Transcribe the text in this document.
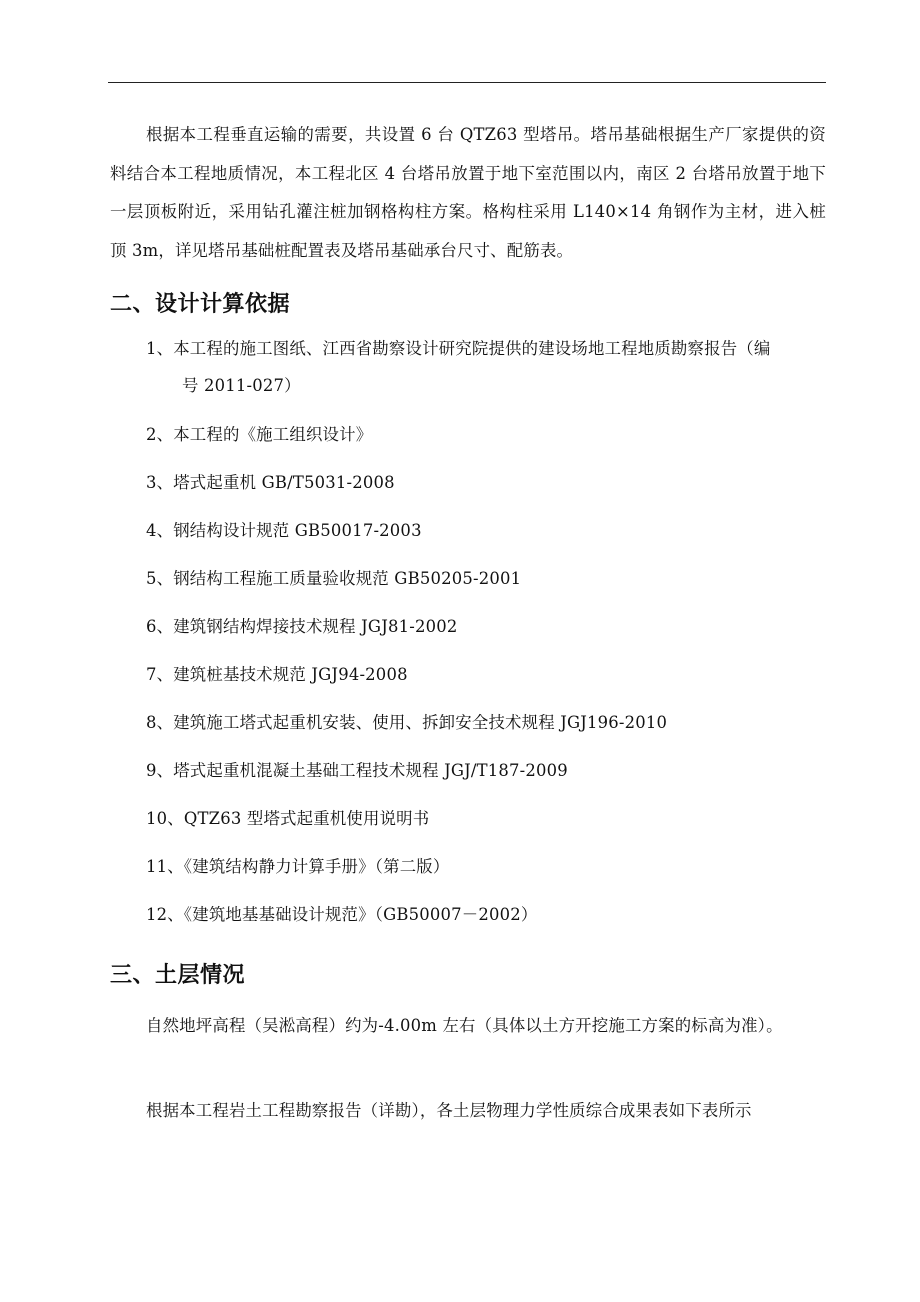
根据本工程垂直运输的需要，共设置 6 台 QTZ63 型塔吊。塔吊基础根据生产厂家提供的资料结合本工程地质情况，本工程北区 4 台塔吊放置于地下室范围以内，南区 2 台塔吊放置于地下一层顶板附近，采用钻孔灌注桩加钢格构柱方案。格构柱采用 L140×14 角钢作为主材，进入桩顶 3m，详见塔吊基础桩配置表及塔吊基础承台尺寸、配筋表。

二、设计计算依据

1、本工程的施工图纸、江西省勘察设计研究院提供的建设场地工程地质勘察报告（编

号 2011-027）

2、本工程的《施工组织设计》

3、塔式起重机 GB/T5031-2008

4、钢结构设计规范 GB50017-2003

5、钢结构工程施工质量验收规范 GB50205-2001

6、建筑钢结构焊接技术规程 JGJ81-2002

7、建筑桩基技术规范 JGJ94-2008

8、建筑施工塔式起重机安装、使用、拆卸安全技术规程 JGJ196-2010

9、塔式起重机混凝土基础工程技术规程 JGJ/T187-2009

10、QTZ63 型塔式起重机使用说明书

11、《建筑结构静力计算手册》（第二版）

12、《建筑地基基础设计规范》（GB50007－2002）

三、土层情况

自然地坪高程（吴淞高程）约为-4.00m 左右（具体以土方开挖施工方案的标高为准）。

根据本工程岩土工程勘察报告（详勘），各土层物理力学性质综合成果表如下表所示
